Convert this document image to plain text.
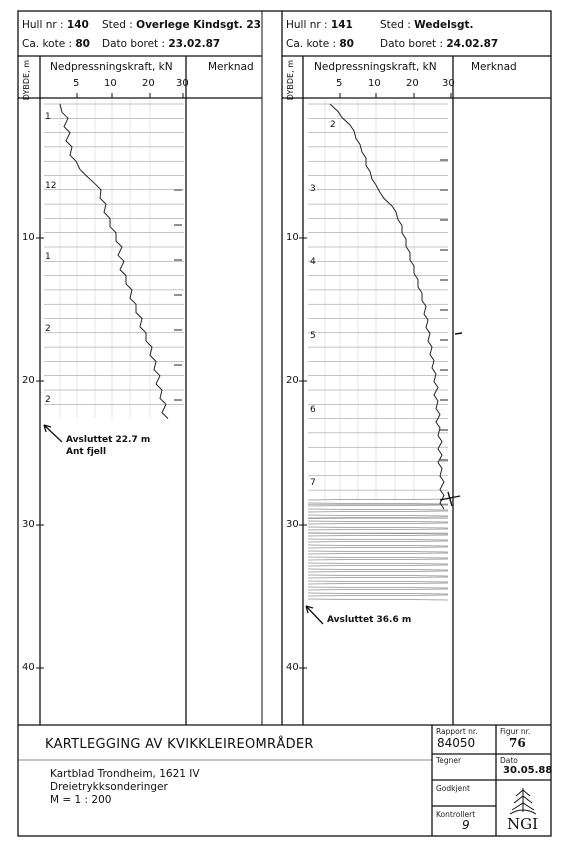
Hull nr : 140 Sted : Overlege Kindsgt. 23
Ca. kote : 80 Dato boret : 23.02.87
DYBDE, m Nedpressningskraft, kN	Merknad
5 10	20 30
10
20
30
40
1
12
1
2
2
Avsluttet 22.7 m
Ant fjell
Hull nr : 141	Sted : Wedelsgt.
Ca. kote : 80 Dato boret : 24.02.87
DYBDE, m Nedpressningskraft, kN	Merknad
5	10	20 30
10
20
30
40
2
3
4
5
6
7
Avsluttet 36.6 m
KARTLEGGING AV KVIKKLEIREOMRÅDER
Kartblad Trondheim, 1621 IV
Dreietrykksonderinger
M = 1 : 200
Rapport nr.
84050
Figur nr.
76
Tegner	Dato
30.05.88
Godkjent
Kontrollert
9 NGI
